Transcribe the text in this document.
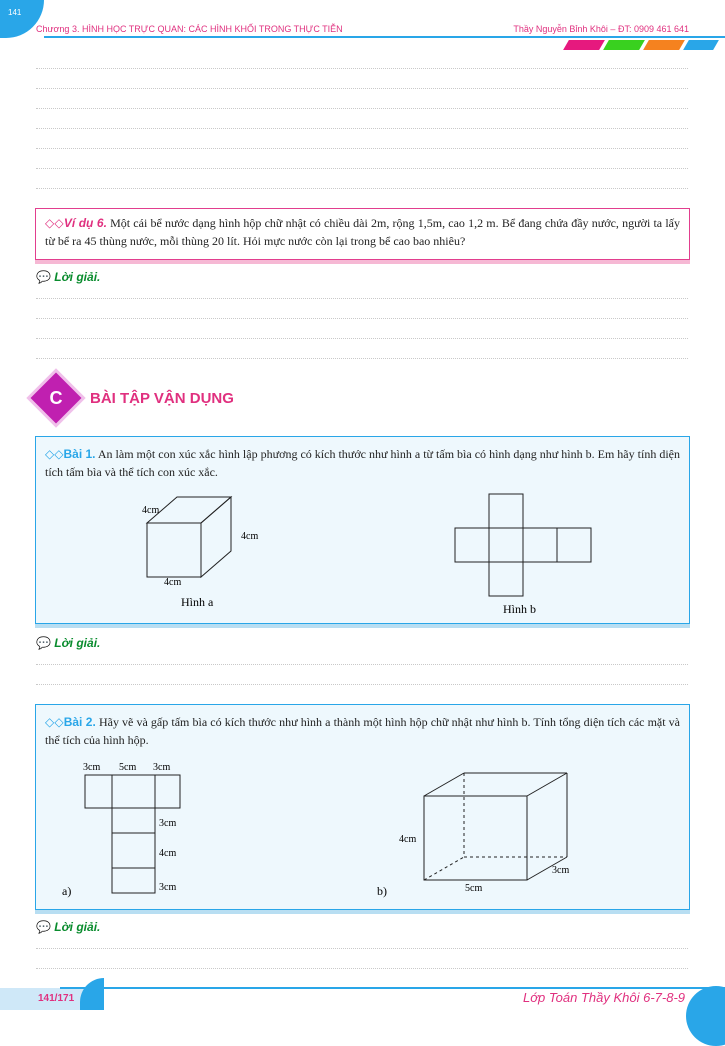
141
Chương 3. HÌNH HỌC TRỰC QUAN: CÁC HÌNH KHỐI TRONG THỰC TIỄN	Thầy Nguyễn Bỉnh Khôi – ĐT: 0909 461 641
◇◇Ví dụ 6. Một cái bể nước dạng hình hộp chữ nhật có chiều dài 2m, rộng 1,5m, cao 1,2 m. Bể đang chứa đầy nước, người ta lấy từ bể ra 45 thùng nước, mỗi thùng 20 lít. Hỏi mực nước còn lại trong bể cao bao nhiêu?
💬 Lời giải.
C	BÀI TẬP VẬN DỤNG
◇◇Bài 1. An làm một con xúc xắc hình lập phương có kích thước như hình a từ tấm bìa có hình dạng như hình b. Em hãy tính diện tích tấm bìa và thể tích con xúc xắc.
4cm
4cm
4cm
Hình a	Hình b
💬 Lời giải.
◇◇Bài 2. Hãy vẽ và gấp tấm bìa có kích thước như hình a thành một hình hộp chữ nhật như hình b. Tính tổng diện tích các mặt và thể tích của hình hộp.
3cm 5cm 3cm
3cm
4cm
3cm
a)
4cm
5cm
3cm
b)
💬 Lời giải.
141/171	Lớp Toán Thầy Khôi 6-7-8-9
